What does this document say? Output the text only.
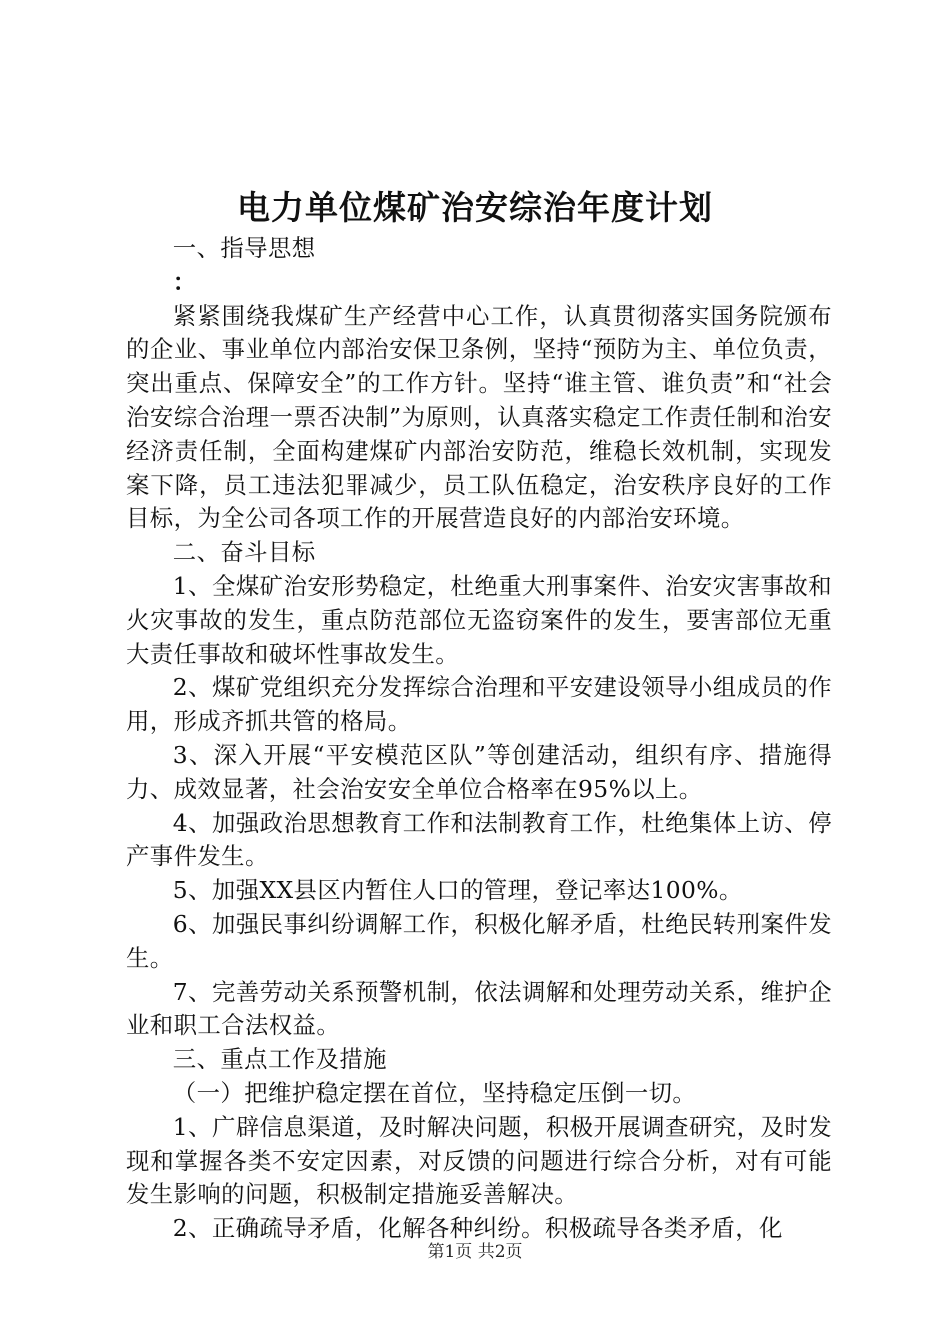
电力单位煤矿治安综治年度计划

一、指导思想

：

紧紧围绕我煤矿生产经营中心工作，认真贯彻落实国务院颁布的企业、事业单位内部治安保卫条例，坚持“预防为主、单位负责，突出重点、保障安全”的工作方针。坚持“谁主管、谁负责”和“社会治安综合治理一票否决制”为原则，认真落实稳定工作责任制和治安经济责任制，全面构建煤矿内部治安防范，维稳长效机制，实现发案下降，员工违法犯罪减少，员工队伍稳定，治安秩序良好的工作目标，为全公司各项工作的开展营造良好的内部治安环境。

二、奋斗目标

1、全煤矿治安形势稳定，杜绝重大刑事案件、治安灾害事故和火灾事故的发生，重点防范部位无盗窃案件的发生，要害部位无重大责任事故和破坏性事故发生。

2、煤矿党组织充分发挥综合治理和平安建设领导小组成员的作用，形成齐抓共管的格局。

3、深入开展“平安模范区队”等创建活动，组织有序、措施得力、成效显著，社会治安安全单位合格率在95%以上。

4、加强政治思想教育工作和法制教育工作，杜绝集体上访、停产事件发生。

5、加强XX县区内暂住人口的管理，登记率达100%。

6、加强民事纠纷调解工作，积极化解矛盾，杜绝民转刑案件发生。

7、完善劳动关系预警机制，依法调解和处理劳动关系，维护企业和职工合法权益。

三、重点工作及措施

（一）把维护稳定摆在首位，坚持稳定压倒一切。

1、广辟信息渠道，及时解决问题，积极开展调查研究，及时发现和掌握各类不安定因素，对反馈的问题进行综合分析，对有可能发生影响的问题，积极制定措施妥善解决。

2、正确疏导矛盾，化解各种纠纷。积极疏导各类矛盾，化

第1页 共2页
